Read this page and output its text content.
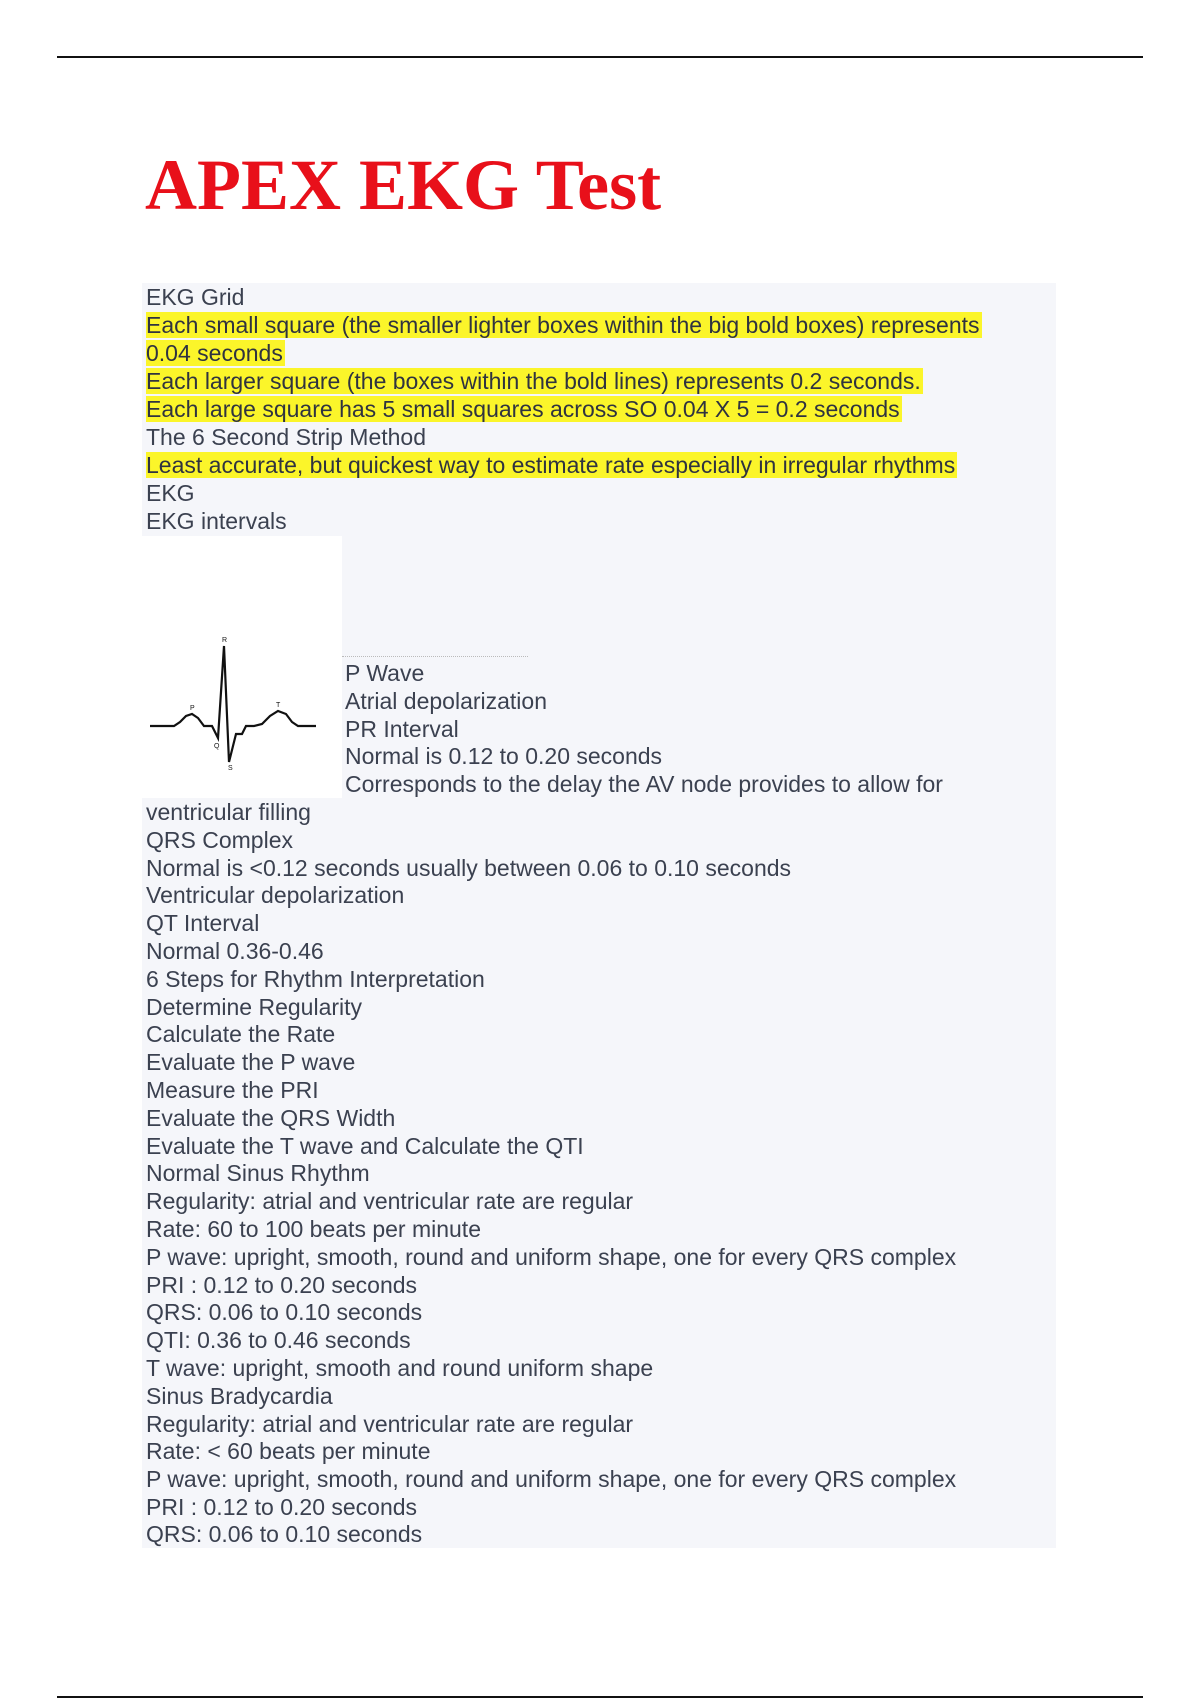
APEX EKG Test
EKG Grid
Each small square (the smaller lighter boxes within the big bold boxes) represents
0.04 seconds
Each larger square (the boxes within the bold lines) represents 0.2 seconds.
Each large square has 5 small squares across SO 0.04 X 5 = 0.2 seconds
The 6 Second Strip Method
Least accurate, but quickest way to estimate rate especially in irregular rhythms
EKG
EKG intervals
P
R
T
Q
S
P Wave
Atrial depolarization
PR Interval
Normal is 0.12 to 0.20 seconds
Corresponds to the delay the AV node provides to allow for
ventricular filling
QRS Complex
Normal is <0.12 seconds usually between 0.06 to 0.10 seconds
Ventricular depolarization
QT Interval
Normal 0.36-0.46
6 Steps for Rhythm Interpretation
Determine Regularity
Calculate the Rate
Evaluate the P wave
Measure the PRI
Evaluate the QRS Width
Evaluate the T wave and Calculate the QTI
Normal Sinus Rhythm
Regularity: atrial and ventricular rate are regular
Rate: 60 to 100 beats per minute
P wave: upright, smooth, round and uniform shape, one for every QRS complex
PRI : 0.12 to 0.20 seconds
QRS: 0.06 to 0.10 seconds
QTI: 0.36 to 0.46 seconds
T wave: upright, smooth and round uniform shape
Sinus Bradycardia
Regularity: atrial and ventricular rate are regular
Rate: < 60 beats per minute
P wave: upright, smooth, round and uniform shape, one for every QRS complex
PRI : 0.12 to 0.20 seconds
QRS: 0.06 to 0.10 seconds
